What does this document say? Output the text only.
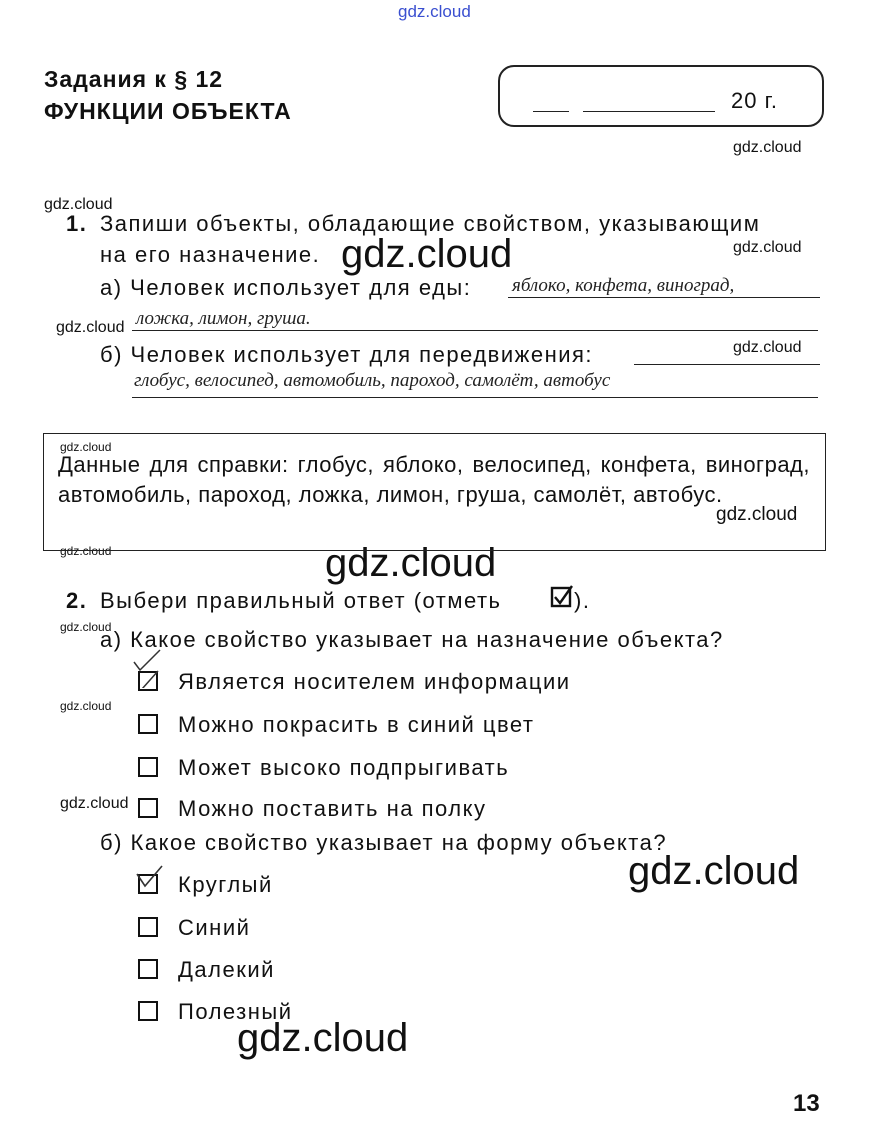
gdz.cloud
Задания к § 12
ФУНКЦИИ ОБЪЕКТА	20 г.
gdz.cloud
gdz.cloud
gdz.cloud
gdz.cloud
gdz.cloud
gdz.cloud
gdz.cloud
gdz.cloud
gdz.cloud
gdz.cloud
gdz.cloud
gdz.cloud
gdz.cloud
gdz.cloud
gdz.cloud
1. Запиши объекты, обладающие свойством, указывающим
на его назначение.
а) Человек использует для еды: яблоко, конфета, виноград,
ложка, лимон, груша.
б) Человек использует для передвижения:
глобус, велосипед, автомобиль, пароход, самолёт, автобус
Данные для справки: глобус, яблоко, велосипед, конфета, виноград, автомобиль, пароход, ложка, лимон, груша, самолёт, автобус.
2. Выбери правильный ответ (отметь	).
а) Какое свойство указывает на назначение объекта?
Является носителем информации
Можно покрасить в синий цвет
Может высоко подпрыгивать
Можно поставить на полку
б) Какое свойство указывает на форму объекта?
Круглый
Синий
Далекий
Полезный
13
